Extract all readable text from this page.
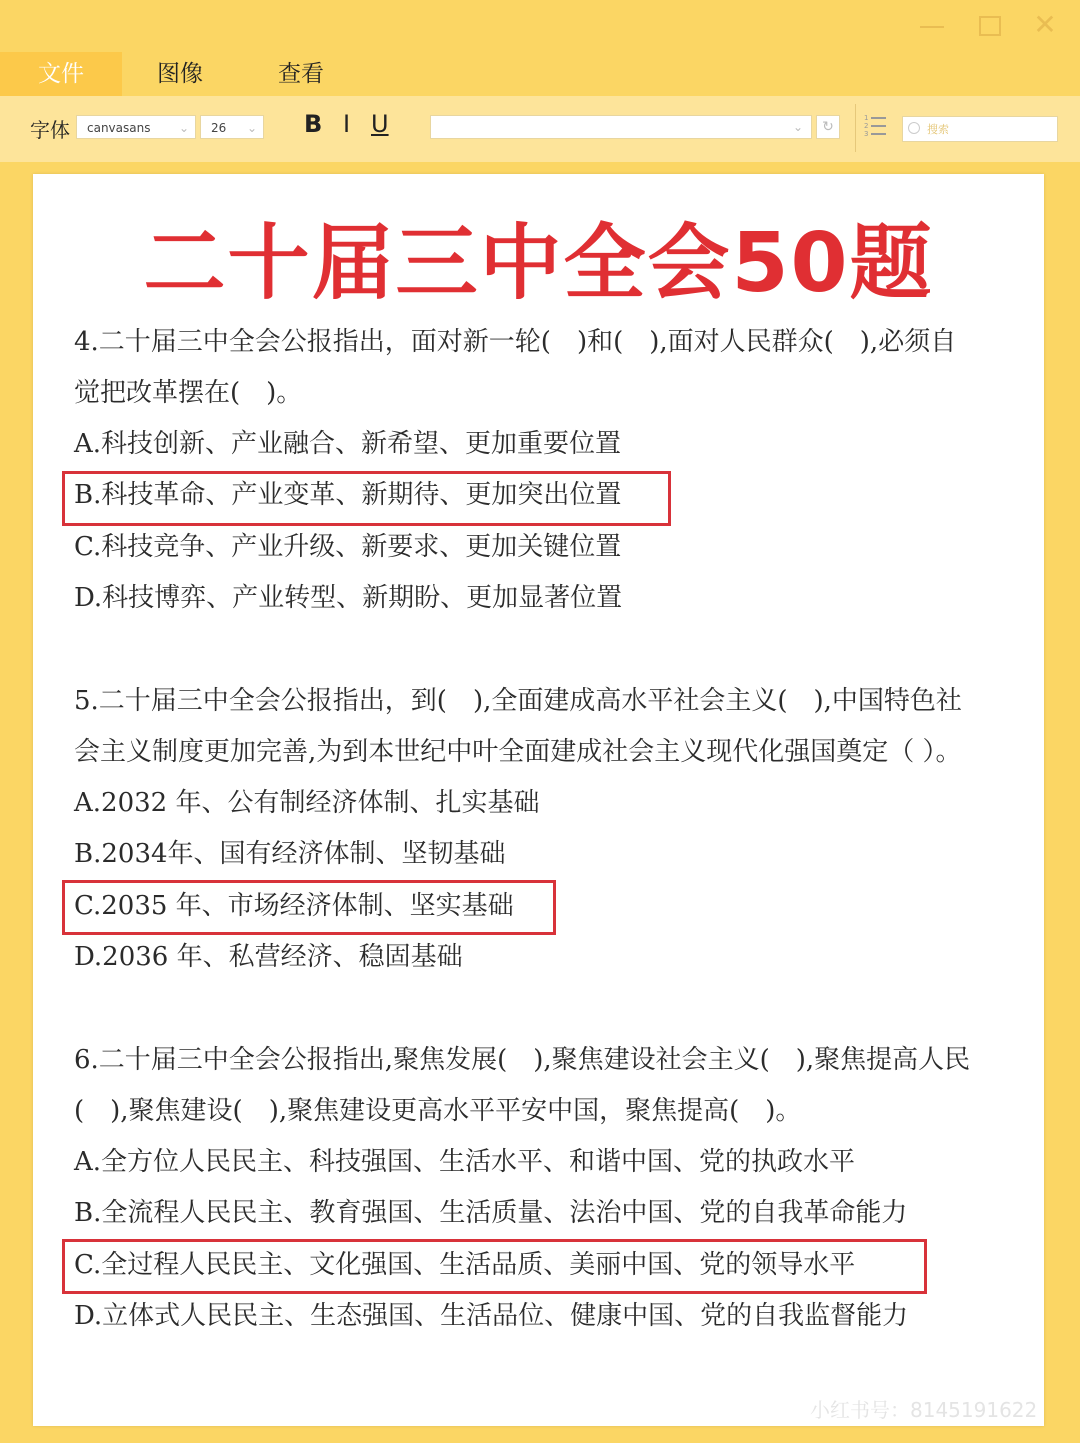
✕
文件	图像	查看
字体	canvasans ⌄	26 ⌄ B I U	⌄	↻
1
2
3	搜索
二十届三中全会50题
4.二十届三中全会公报指出，面对新一轮(　)和(　),面对人民群众(　),必须自
觉把改革摆在(　)。
A.科技创新、产业融合、新希望、更加重要位置
B.科技革命、产业变革、新期待、更加突出位置
C.科技竞争、产业升级、新要求、更加关键位置
D.科技博弈、产业转型、新期盼、更加显著位置
5.二十届三中全会公报指出，到(　),全面建成高水平社会主义(　),中国特色社
会主义制度更加完善,为到本世纪中叶全面建成社会主义现代化强国奠定（ ）。
A.2032 年、公有制经济体制、扎实基础
B.2034年、国有经济体制、坚韧基础
C.2035 年、市场经济体制、坚实基础
D.2036 年、私营经济、稳固基础
6.二十届三中全会公报指出,聚焦发展(　),聚焦建设社会主义(　),聚焦提高人民
(　),聚焦建设(　),聚焦建设更高水平平安中国，聚焦提高(　)。
A.全方位人民民主、科技强国、生活水平、和谐中国、党的执政水平
B.全流程人民民主、教育强国、生活质量、法治中国、党的自我革命能力
C.全过程人民民主、文化强国、生活品质、美丽中国、党的领导水平
D.立体式人民民主、生态强国、生活品位、健康中国、党的自我监督能力
小红书号：8145191622
